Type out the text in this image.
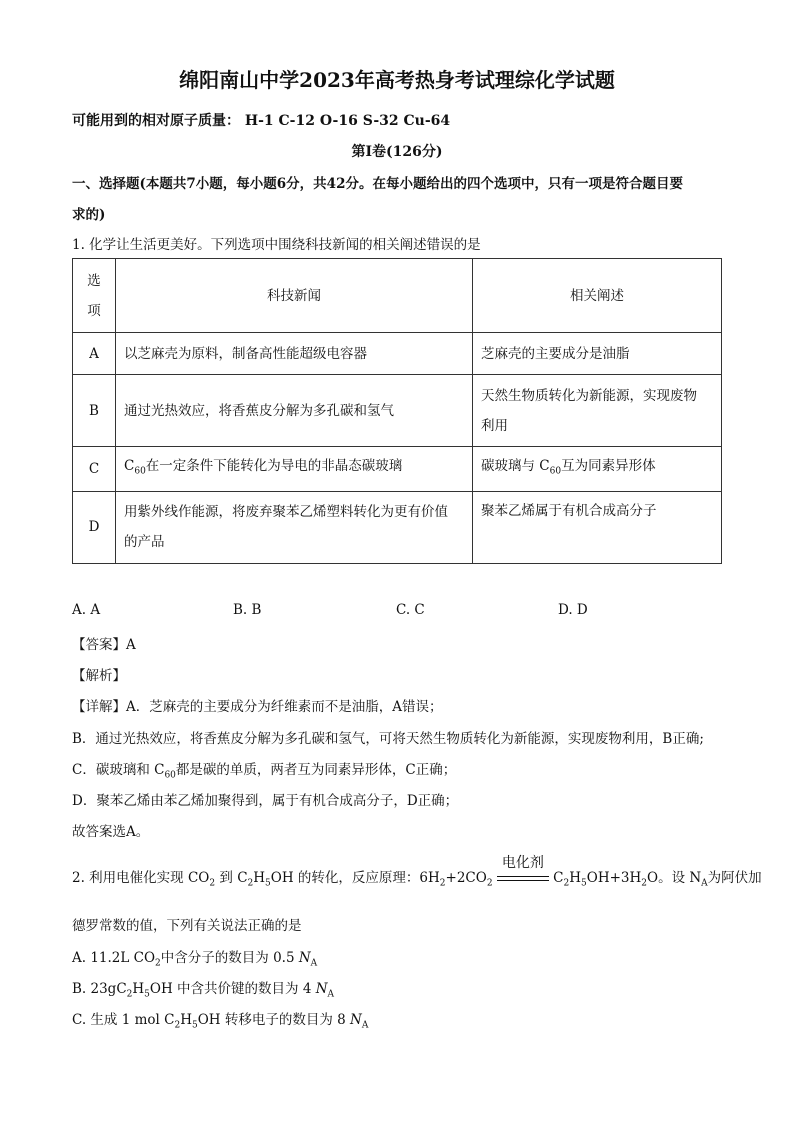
绵阳南山中学2023年高考热身考试理综化学试题
可能用到的相对原子质量： H-1 C-12 O-16 S-32 Cu-64
第I卷(126分)
一、选择题(本题共7小题，每小题6分，共42分。在每小题给出的四个选项中，只有一项是符合题目要
求的)
1. 化学让生活更美好。下列选项中围绕科技新闻的相关阐述错误的是
选
项	科技新闻	相关阐述
A	以芝麻壳为原料，制备高性能超级电容器	芝麻壳的主要成分是油脂
B	通过光热效应，将香蕉皮分解为多孔碳和氢气	天然生物质转化为新能源，实现废物
利用
C	$C_{60}$在一定条件下能转化为导电的非晶态碳玻璃	碳玻璃与 $C_{60}$互为同素异形体
D	用紫外线作能源，将废弃聚苯乙烯塑料转化为更有价值
的产品	聚苯乙烯属于有机合成高分子
A. A	B. B	C. C	D. D
【答案】A
【解析】
【详解】A．芝麻壳的主要成分为纤维素而不是油脂，A错误；
B．通过光热效应，将香蕉皮分解为多孔碳和氢气，可将天然生物质转化为新能源，实现废物利用，B正确;
C．碳玻璃和 $C_{60}$都是碳的单质，两者互为同素异形体，C正确；
D．聚苯乙烯由苯乙烯加聚得到，属于有机合成高分子，D正确；
故答案选A。
2. 利用电催化实现 $CO_2$ 到 $C_2H_5OH$ 的转化，反应原理：$6H_2+2CO_2$
电化剂
$C_2H_5OH+3H_2O$。设 $N_A$为阿伏加
德罗常数的值，下列有关说法正确的是
A. 11.2L $CO_2$中含分子的数目为 0.5 $N_A$
B. $23gC_2H_5OH$ 中含共价键的数目为 4 $N_A$
C. 生成 1 mol $C_2H_5OH$ 转移电子的数目为 8 $N_A$
